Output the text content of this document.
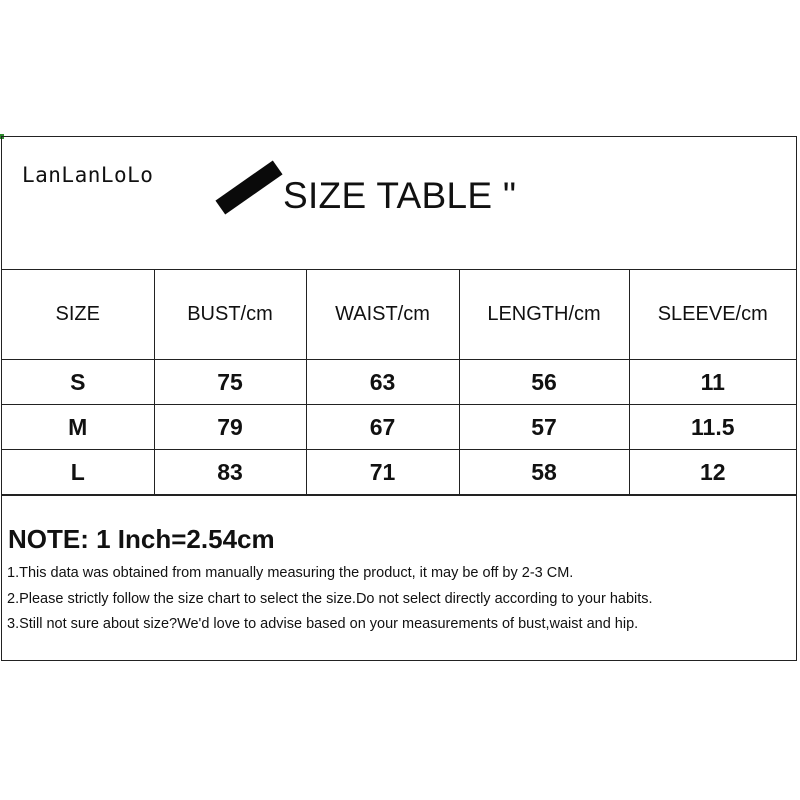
LanLanLoLo	SIZE TABLE "
SIZE	BUST/cm	WAIST/cm	LENGTH/cm	SLEEVE/cm
S	75	63	56	11
M	79	67	57	11.5
L	83	71	58	12
NOTE: 1 Inch=2.54cm
1.This data was obtained from manually measuring the product, it may be off by 2-3 CM.
2.Please strictly follow the size chart to select the size.Do not select directly according to your habits.
3.Still not sure about size?We'd love to advise based on your measurements of bust,waist and hip.
